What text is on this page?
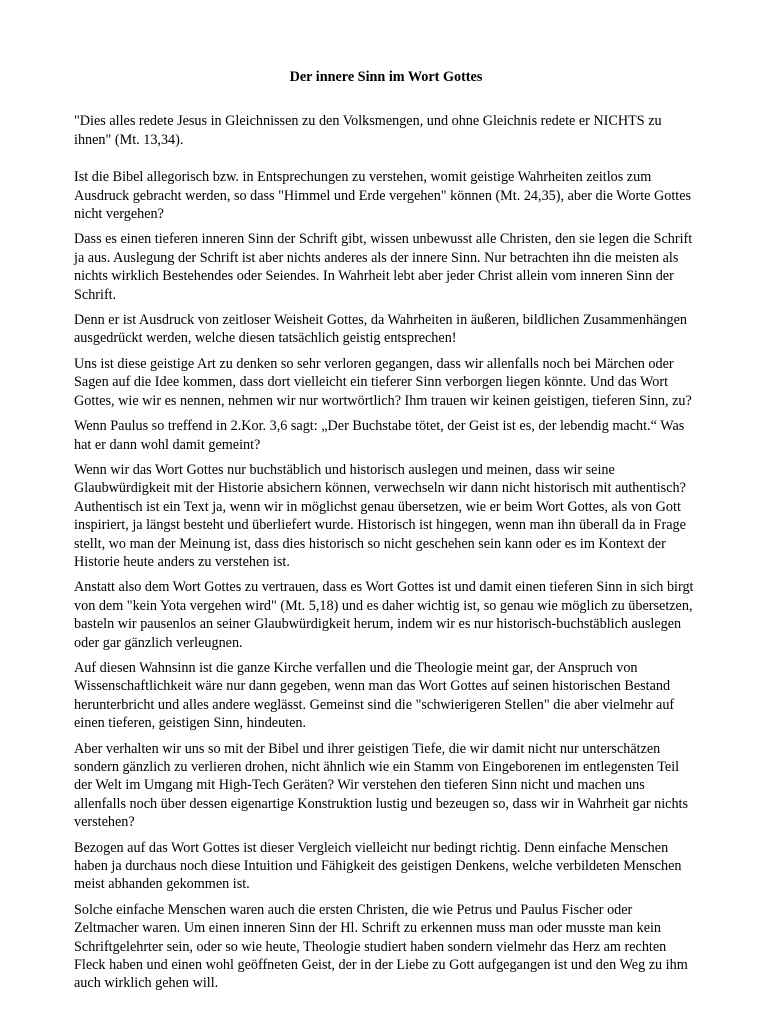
Der innere Sinn im Wort Gottes

"Dies alles redete Jesus in Gleichnissen zu den Volksmengen, und ohne Gleichnis redete er NICHTS zu ihnen" (Mt. 13,34).

Ist die Bibel allegorisch bzw. in Entsprechungen zu verstehen, womit geistige Wahrheiten zeitlos zum Ausdruck gebracht werden, so dass "Himmel und Erde vergehen" können (Mt. 24,35), aber die Worte Gottes nicht vergehen?

Dass es einen tieferen inneren Sinn der Schrift gibt, wissen unbewusst alle Christen, den sie legen die Schrift ja aus. Auslegung der Schrift ist aber nichts anderes als der innere Sinn. Nur betrachten ihn die meisten als nichts wirklich Bestehendes oder Seiendes. In Wahrheit lebt aber jeder Christ allein vom inneren Sinn der Schrift.

Denn er ist Ausdruck von zeitloser Weisheit Gottes, da Wahrheiten in äußeren, bildlichen Zusammenhängen ausgedrückt werden, welche diesen tatsächlich geistig entsprechen!

Uns ist diese geistige Art zu denken so sehr verloren gegangen, dass wir allenfalls noch bei Märchen oder Sagen auf die Idee kommen, dass dort vielleicht ein tieferer Sinn verborgen liegen könnte. Und das Wort Gottes, wie wir es nennen, nehmen wir nur wortwörtlich? Ihm trauen wir keinen geistigen, tieferen Sinn, zu?

Wenn Paulus so treffend in 2.Kor. 3,6 sagt: „Der Buchstabe tötet, der Geist ist es, der lebendig macht.“ Was hat er dann wohl damit gemeint?

Wenn wir das Wort Gottes nur buchstäblich und historisch auslegen und meinen, dass wir seine Glaubwürdigkeit mit der Historie absichern können, verwechseln wir dann nicht historisch mit authentisch?Authentisch ist ein Text ja, wenn wir in möglichst genau übersetzen, wie er beim Wort Gottes, als von Gott inspiriert, ja längst besteht und überliefert wurde. Historisch ist hingegen, wenn man ihn überall da in Frage stellt, wo man der Meinung ist, dass dies historisch so nicht geschehen sein kann oder es im Kontext der Historie heute anders zu verstehen ist.

Anstatt also dem Wort Gottes zu vertrauen, dass es Wort Gottes ist und damit einen tieferen Sinn in sich birgt von dem "kein Yota vergehen wird" (Mt. 5,18) und es daher wichtig ist, so genau wie möglich zu übersetzen, basteln wir pausenlos an seiner Glaubwürdigkeit herum, indem wir es nur historisch-buchstäblich auslegen oder gar gänzlich verleugnen.

Auf diesen Wahnsinn ist die ganze Kirche verfallen und die Theologie meint gar, der Anspruch von Wissenschaftlichkeit wäre nur dann gegeben, wenn man das Wort Gottes auf seinen historischen Bestand herunterbricht und alles andere weglässt. Gemeinst sind die "schwierigeren Stellen" die aber vielmehr auf einen tieferen, geistigen Sinn, hindeuten.

Aber verhalten wir uns so mit der Bibel und ihrer geistigen Tiefe, die wir damit nicht nur unterschätzen sondern gänzlich zu verlieren drohen, nicht ähnlich wie ein Stamm von Eingeborenen im entlegensten Teil der Welt im Umgang mit High-Tech Geräten? Wir verstehen den tieferen Sinn nicht und machen uns allenfalls noch über dessen eigenartige Konstruktion lustig und bezeugen so, dass wir in Wahrheit gar nichts verstehen?

Bezogen auf das Wort Gottes ist dieser Vergleich vielleicht nur bedingt richtig. Denn einfache Menschen haben ja durchaus noch diese Intuition und Fähigkeit des geistigen Denkens, welche verbildeten Menschen meist abhanden gekommen ist.

Solche einfache Menschen waren auch die ersten Christen, die wie Petrus und Paulus Fischer oder Zeltmacher waren. Um einen inneren Sinn der Hl. Schrift zu erkennen muss man oder musste man kein Schriftgelehrter sein, oder so wie heute, Theologie studiert haben sondern vielmehr das Herz am rechten Fleck haben und einen wohl geöffneten Geist, der in der Liebe zu Gott aufgegangen ist und den Weg zu ihm auch wirklich gehen will.
